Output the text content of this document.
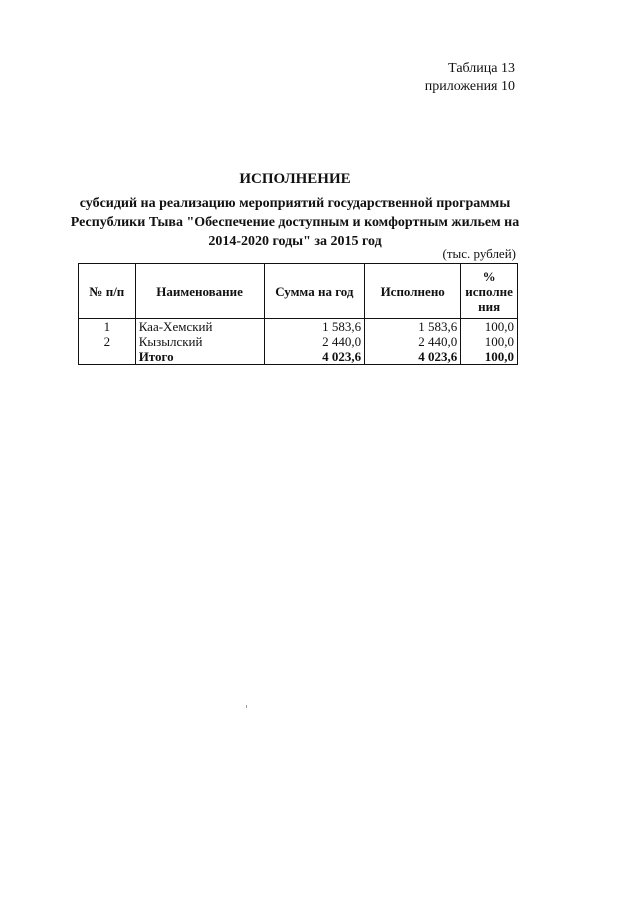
Таблица 13
приложения 10
ИСПОЛНЕНИЕ
субсидий на реализацию мероприятий государственной программы
Республики Тыва "Обеспечение доступным и комфортным жильем на
2014-2020 годы" за 2015 год
(тыс. рублей)
№ п/п	Наименование	Сумма на год	Исполнено	%
исполне
ния

1	Каа-Хемский	1 583,6	1 583,6	100,0
2	Кызылский	2 440,0	2 440,0	100,0
	Итого	4 023,6	4 023,6	100,0
